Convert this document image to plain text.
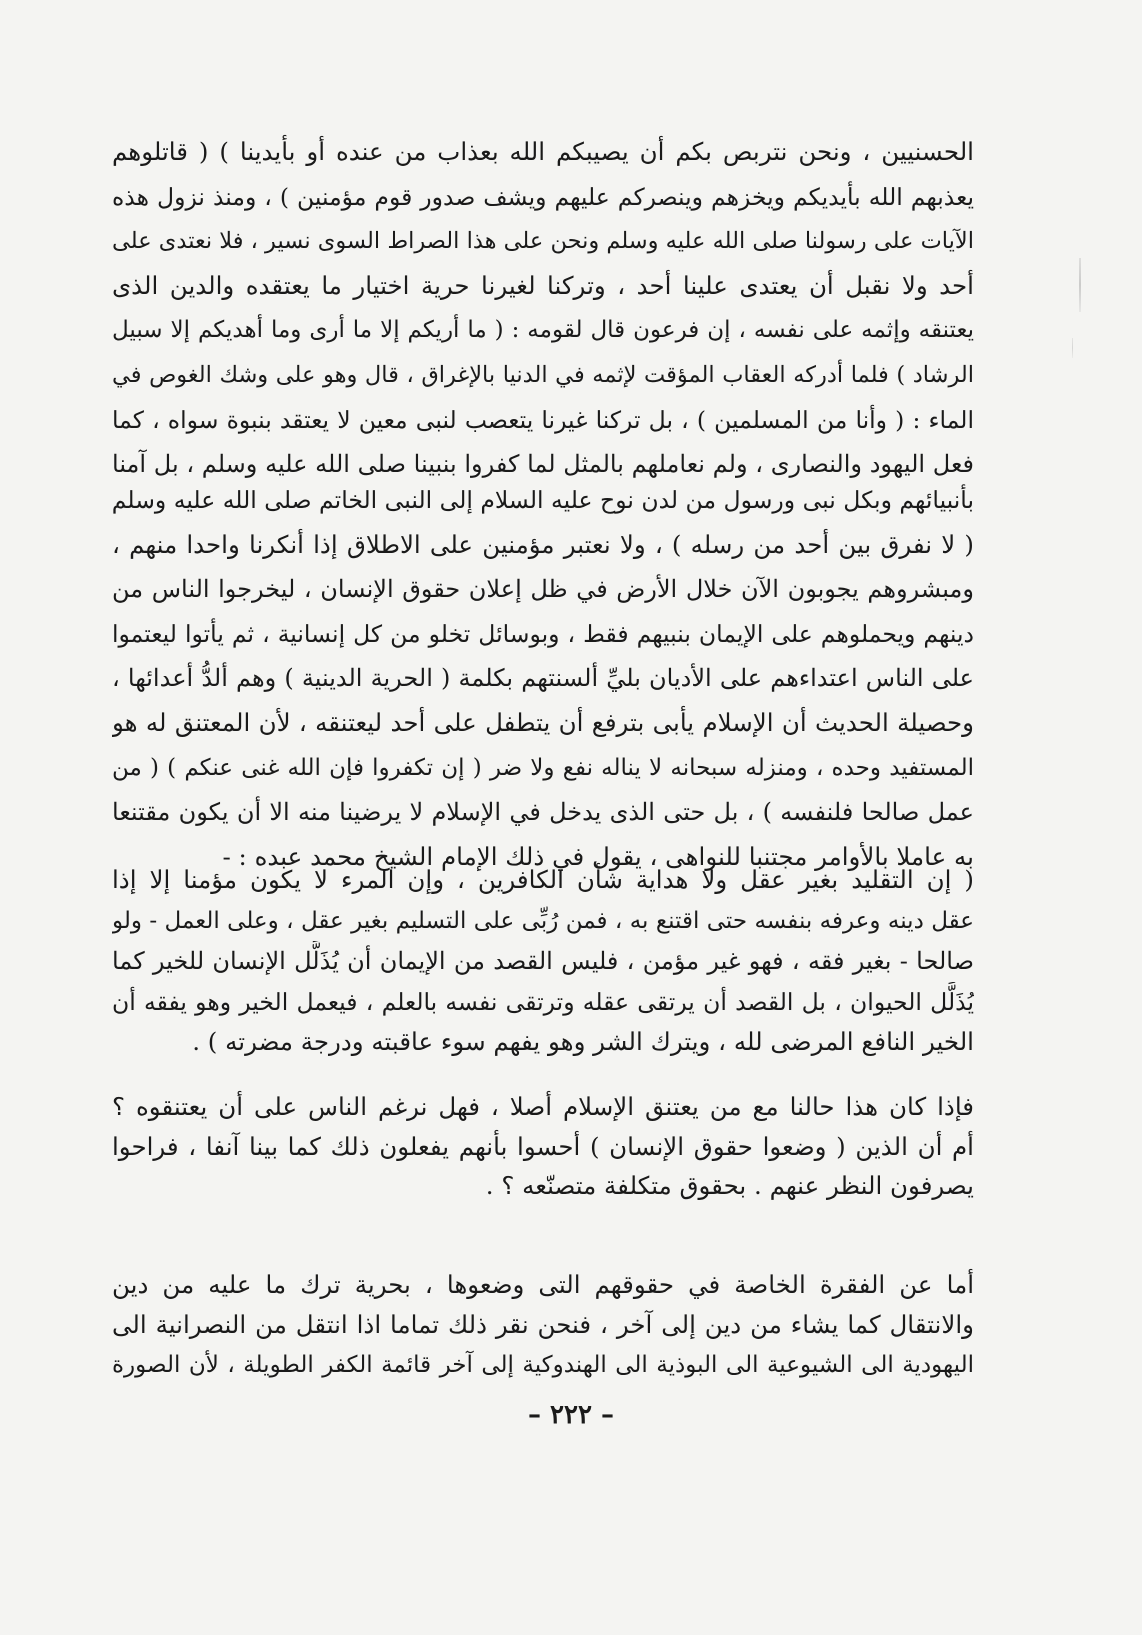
الحسنيين ، ونحن نتربص بكم أن يصيبكم الله بعذاب من عنده أو بأيدينا ) ( قاتلوهم
يعذبهم الله بأيديكم ويخزهم وينصركم عليهم ويشف صدور قوم مؤمنين ) ، ومنذ نزول هذه
الآيات على رسولنا صلى الله عليه وسلم ونحن على هذا الصراط السوى نسير ، فلا نعتدى على
أحد ولا نقبل أن يعتدى علينا أحد ، وتركنا لغيرنا حرية اختيار ما يعتقده والدين الذى
يعتنقه وإثمه على نفسه ، إن فرعون قال لقومه : ( ما أريكم إلا ما أرى وما أهديكم إلا سبيل
الرشاد ) فلما أدركه العقاب المؤقت لإثمه في الدنيا بالإغراق ، قال وهو على وشك الغوص في
الماء : ( وأنا من المسلمين ) ، بل تركنا غيرنا يتعصب لنبى معين لا يعتقد بنبوة سواه ، كما
فعل اليهود والنصارى ، ولم نعاملهم بالمثل لما كفروا بنبينا صلى الله عليه وسلم ، بل آمنا
بأنبيائهم وبكل نبى ورسول من لدن نوح عليه السلام إلى النبى الخاتم صلى الله عليه وسلم
( لا نفرق بين أحد من رسله ) ، ولا نعتبر مؤمنين على الاطلاق إذا أنكرنا واحدا منهم ،
ومبشروهم يجوبون الآن خلال الأرض في ظل إعلان حقوق الإنسان ، ليخرجوا الناس من
دينهم ويحملوهم على الإيمان بنبيهم فقط ، وبوسائل تخلو من كل إنسانية ، ثم يأتوا ليعتموا
على الناس اعتداءهم على الأديان بليِّ ألسنتهم بكلمة ( الحرية الدينية ) وهم ألدُّ أعدائها ،
وحصيلة الحديث أن الإسلام يأبى بترفع أن يتطفل على أحد ليعتنقه ، لأن المعتنق له هو
المستفيد وحده ، ومنزله سبحانه لا يناله نفع ولا ضر ( إن تكفروا فإن الله غنى عنكم ) ( من
عمل صالحا فلنفسه ) ، بل حتى الذى يدخل في الإسلام لا يرضينا منه الا أن يكون مقتنعا
به عاملا بالأوامر مجتنبا للنواهى ، يقول في ذلك الإمام الشيخ محمد عبده : -
( إن التقليد بغير عقل ولا هداية شأن الكافرين ، وإن المرء لا يكون مؤمنا إلا إذا
عقل دينه وعرفه بنفسه حتى اقتنع به ، فمن رُبِّى على التسليم بغير عقل ، وعلى العمل - ولو
صالحا - بغير فقه ، فهو غير مؤمن ، فليس القصد من الإيمان أن يُذَلَّل الإنسان للخير كما
يُذَلَّل الحيوان ، بل القصد أن يرتقى عقله وترتقى نفسه بالعلم ، فيعمل الخير وهو يفقه أن
الخير النافع المرضى لله ، ويترك الشر وهو يفهم سوء عاقبته ودرجة مضرته ) .
فإذا كان هذا حالنا مع من يعتنق الإسلام أصلا ، فهل نرغم الناس على أن يعتنقوه ؟
أم أن الذين ( وضعوا حقوق الإنسان ) أحسوا بأنهم يفعلون ذلك كما بينا آنفا ، فراحوا
يصرفون النظر عنهم . بحقوق متكلفة متصنّعه ؟ .
أما عن الفقرة الخاصة في حقوقهم التى وضعوها ، بحرية ترك ما عليه من دين
والانتقال كما يشاء من دين إلى آخر ، فنحن نقر ذلك تماما اذا انتقل من النصرانية الى
اليهودية الى الشيوعية الى البوذية الى الهندوكية إلى آخر قائمة الكفر الطويلة ، لأن الصورة
– ٢٢٢ –
